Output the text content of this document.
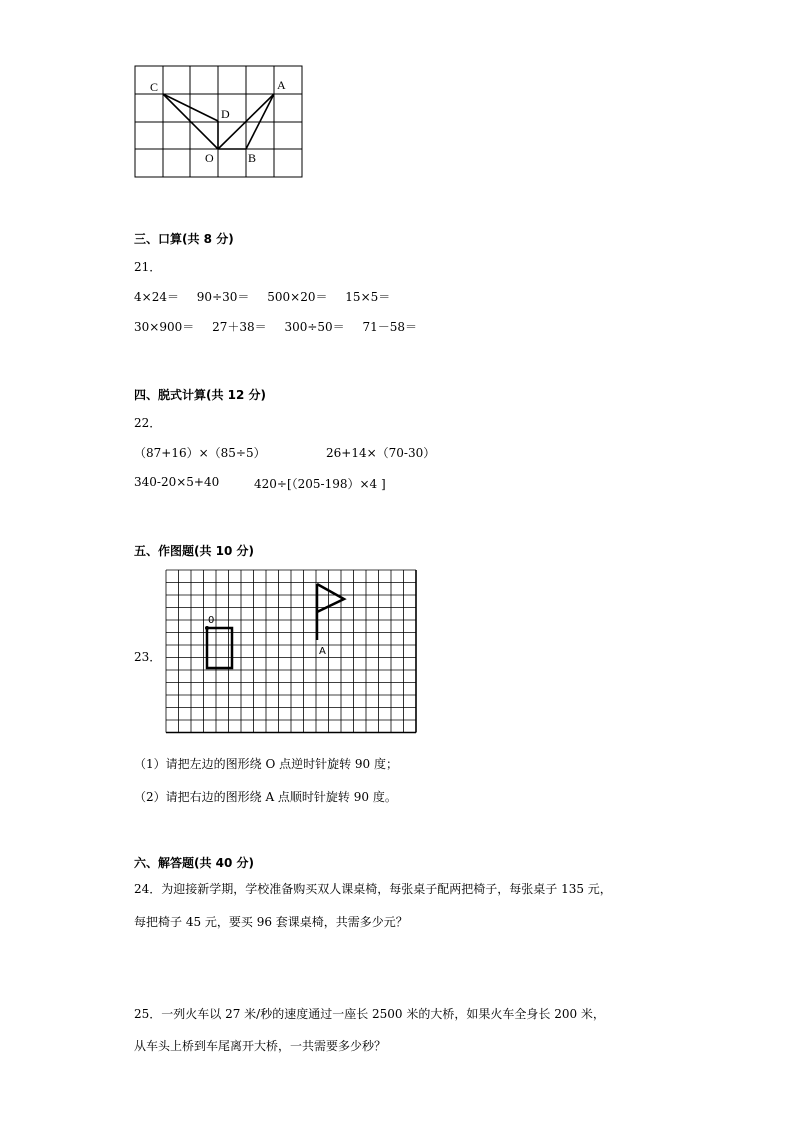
C	A
D
O	B
三、口算(共 8 分)
21．
4×24＝ 90÷30＝ 500×20＝ 15×5＝
30×900＝ 27＋38＝ 300÷50＝ 71－58＝
四、脱式计算(共 12 分)
22．
（87+16）×（85÷5）	26+14×（70-30）
340-20×5+40	420÷[（205-198）×4 ]
五、作图题(共 10 分)
23．
0
A
（1）请把左边的图形绕 O 点逆时针旋转 90 度；
（2）请把右边的图形绕 A 点顺时针旋转 90 度。
六、解答题(共 40 分)
24．为迎接新学期，学校准备购买双人课桌椅，每张桌子配两把椅子，每张桌子 135 元，
每把椅子 45 元，要买 96 套课桌椅，共需多少元？
25．一列火车以 27 米/秒的速度通过一座长 2500 米的大桥，如果火车全身长 200 米，
从车头上桥到车尾离开大桥，一共需要多少秒？
